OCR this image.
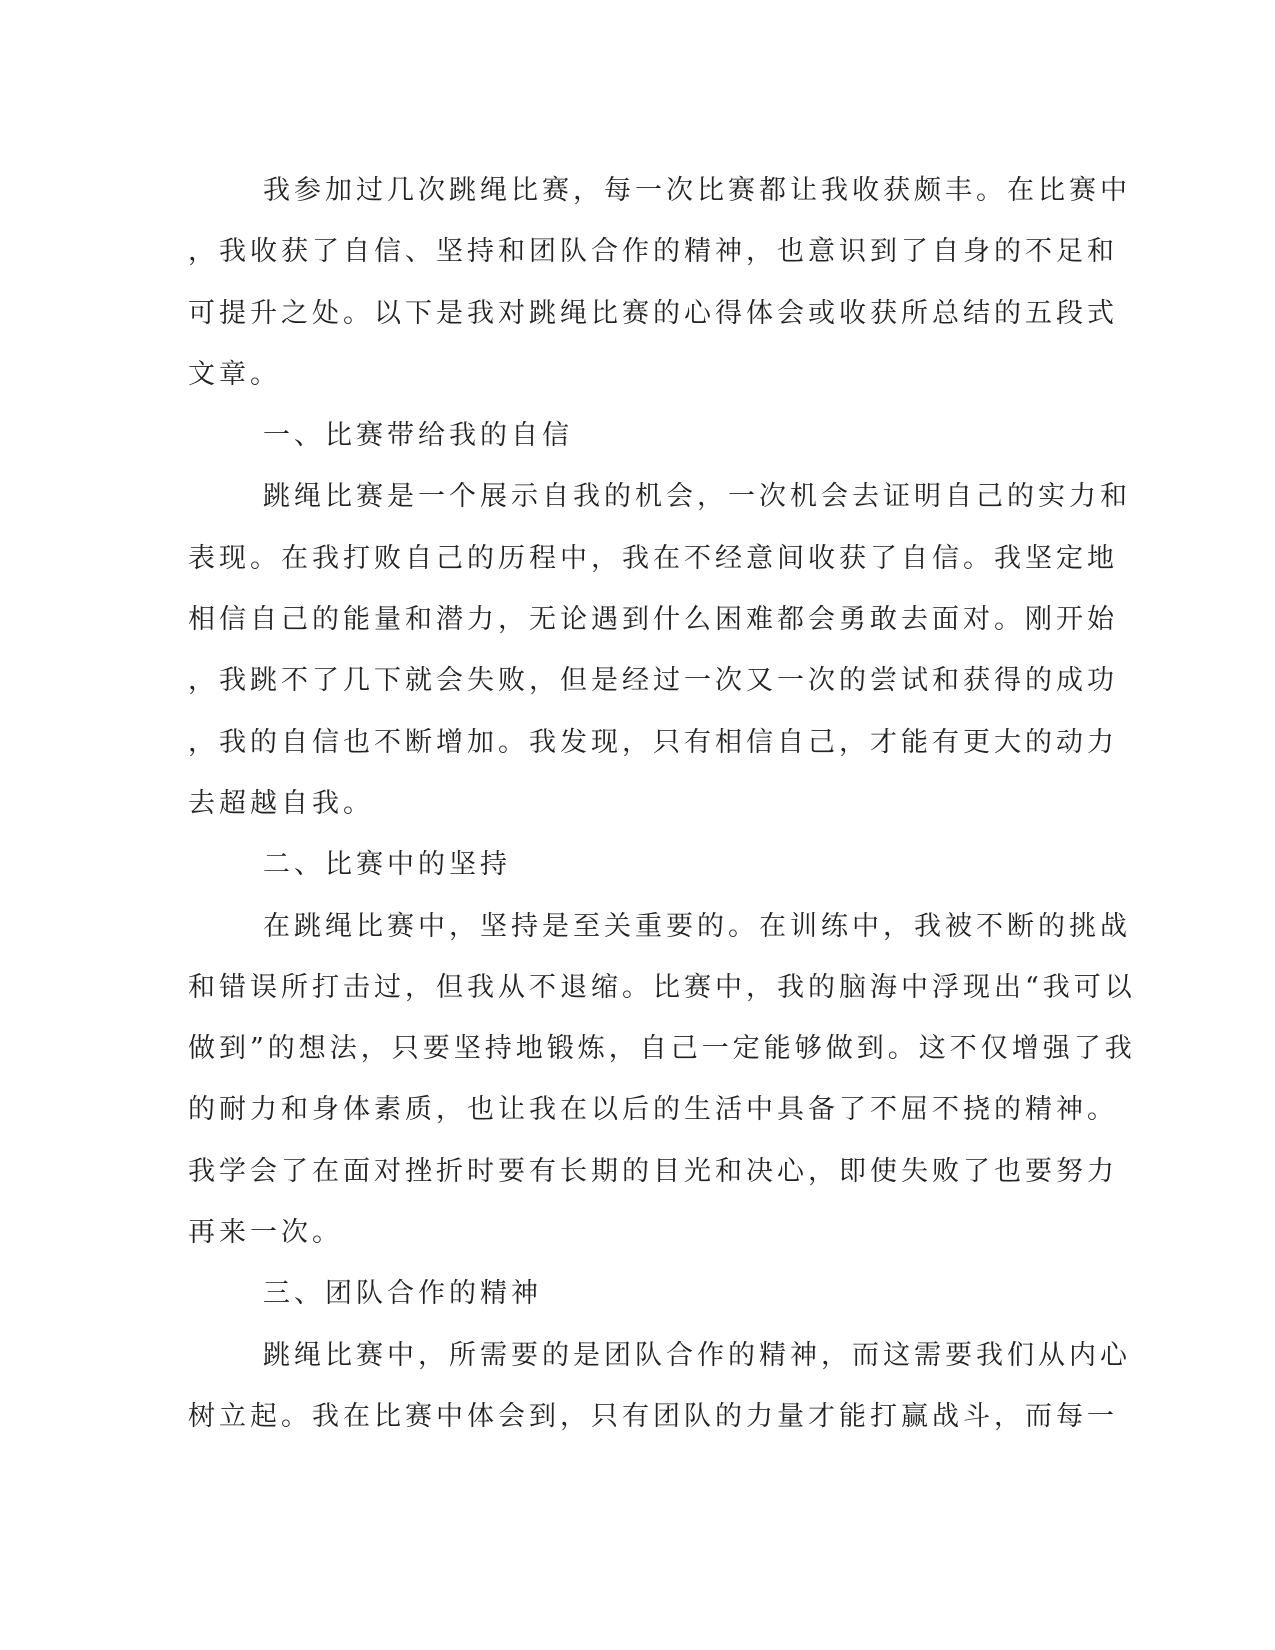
我参加过几次跳绳比赛，每一次比赛都让我收获颇丰。在比赛中
，我收获了自信、坚持和团队合作的精神，也意识到了自身的不足和
可提升之处。以下是我对跳绳比赛的心得体会或收获所总结的五段式
文章。
一、比赛带给我的自信
跳绳比赛是一个展示自我的机会，一次机会去证明自己的实力和
表现。在我打败自己的历程中，我在不经意间收获了自信。我坚定地
相信自己的能量和潜力，无论遇到什么困难都会勇敢去面对。刚开始
，我跳不了几下就会失败，但是经过一次又一次的尝试和获得的成功
，我的自信也不断增加。我发现，只有相信自己，才能有更大的动力
去超越自我。
二、比赛中的坚持
在跳绳比赛中，坚持是至关重要的。在训练中，我被不断的挑战
和错误所打击过，但我从不退缩。比赛中，我的脑海中浮现出“我可以
做到”的想法，只要坚持地锻炼，自己一定能够做到。这不仅增强了我
的耐力和身体素质，也让我在以后的生活中具备了不屈不挠的精神。
我学会了在面对挫折时要有长期的目光和决心，即使失败了也要努力
再来一次。
三、团队合作的精神
跳绳比赛中，所需要的是团队合作的精神，而这需要我们从内心
树立起。我在比赛中体会到，只有团队的力量才能打赢战斗，而每一
